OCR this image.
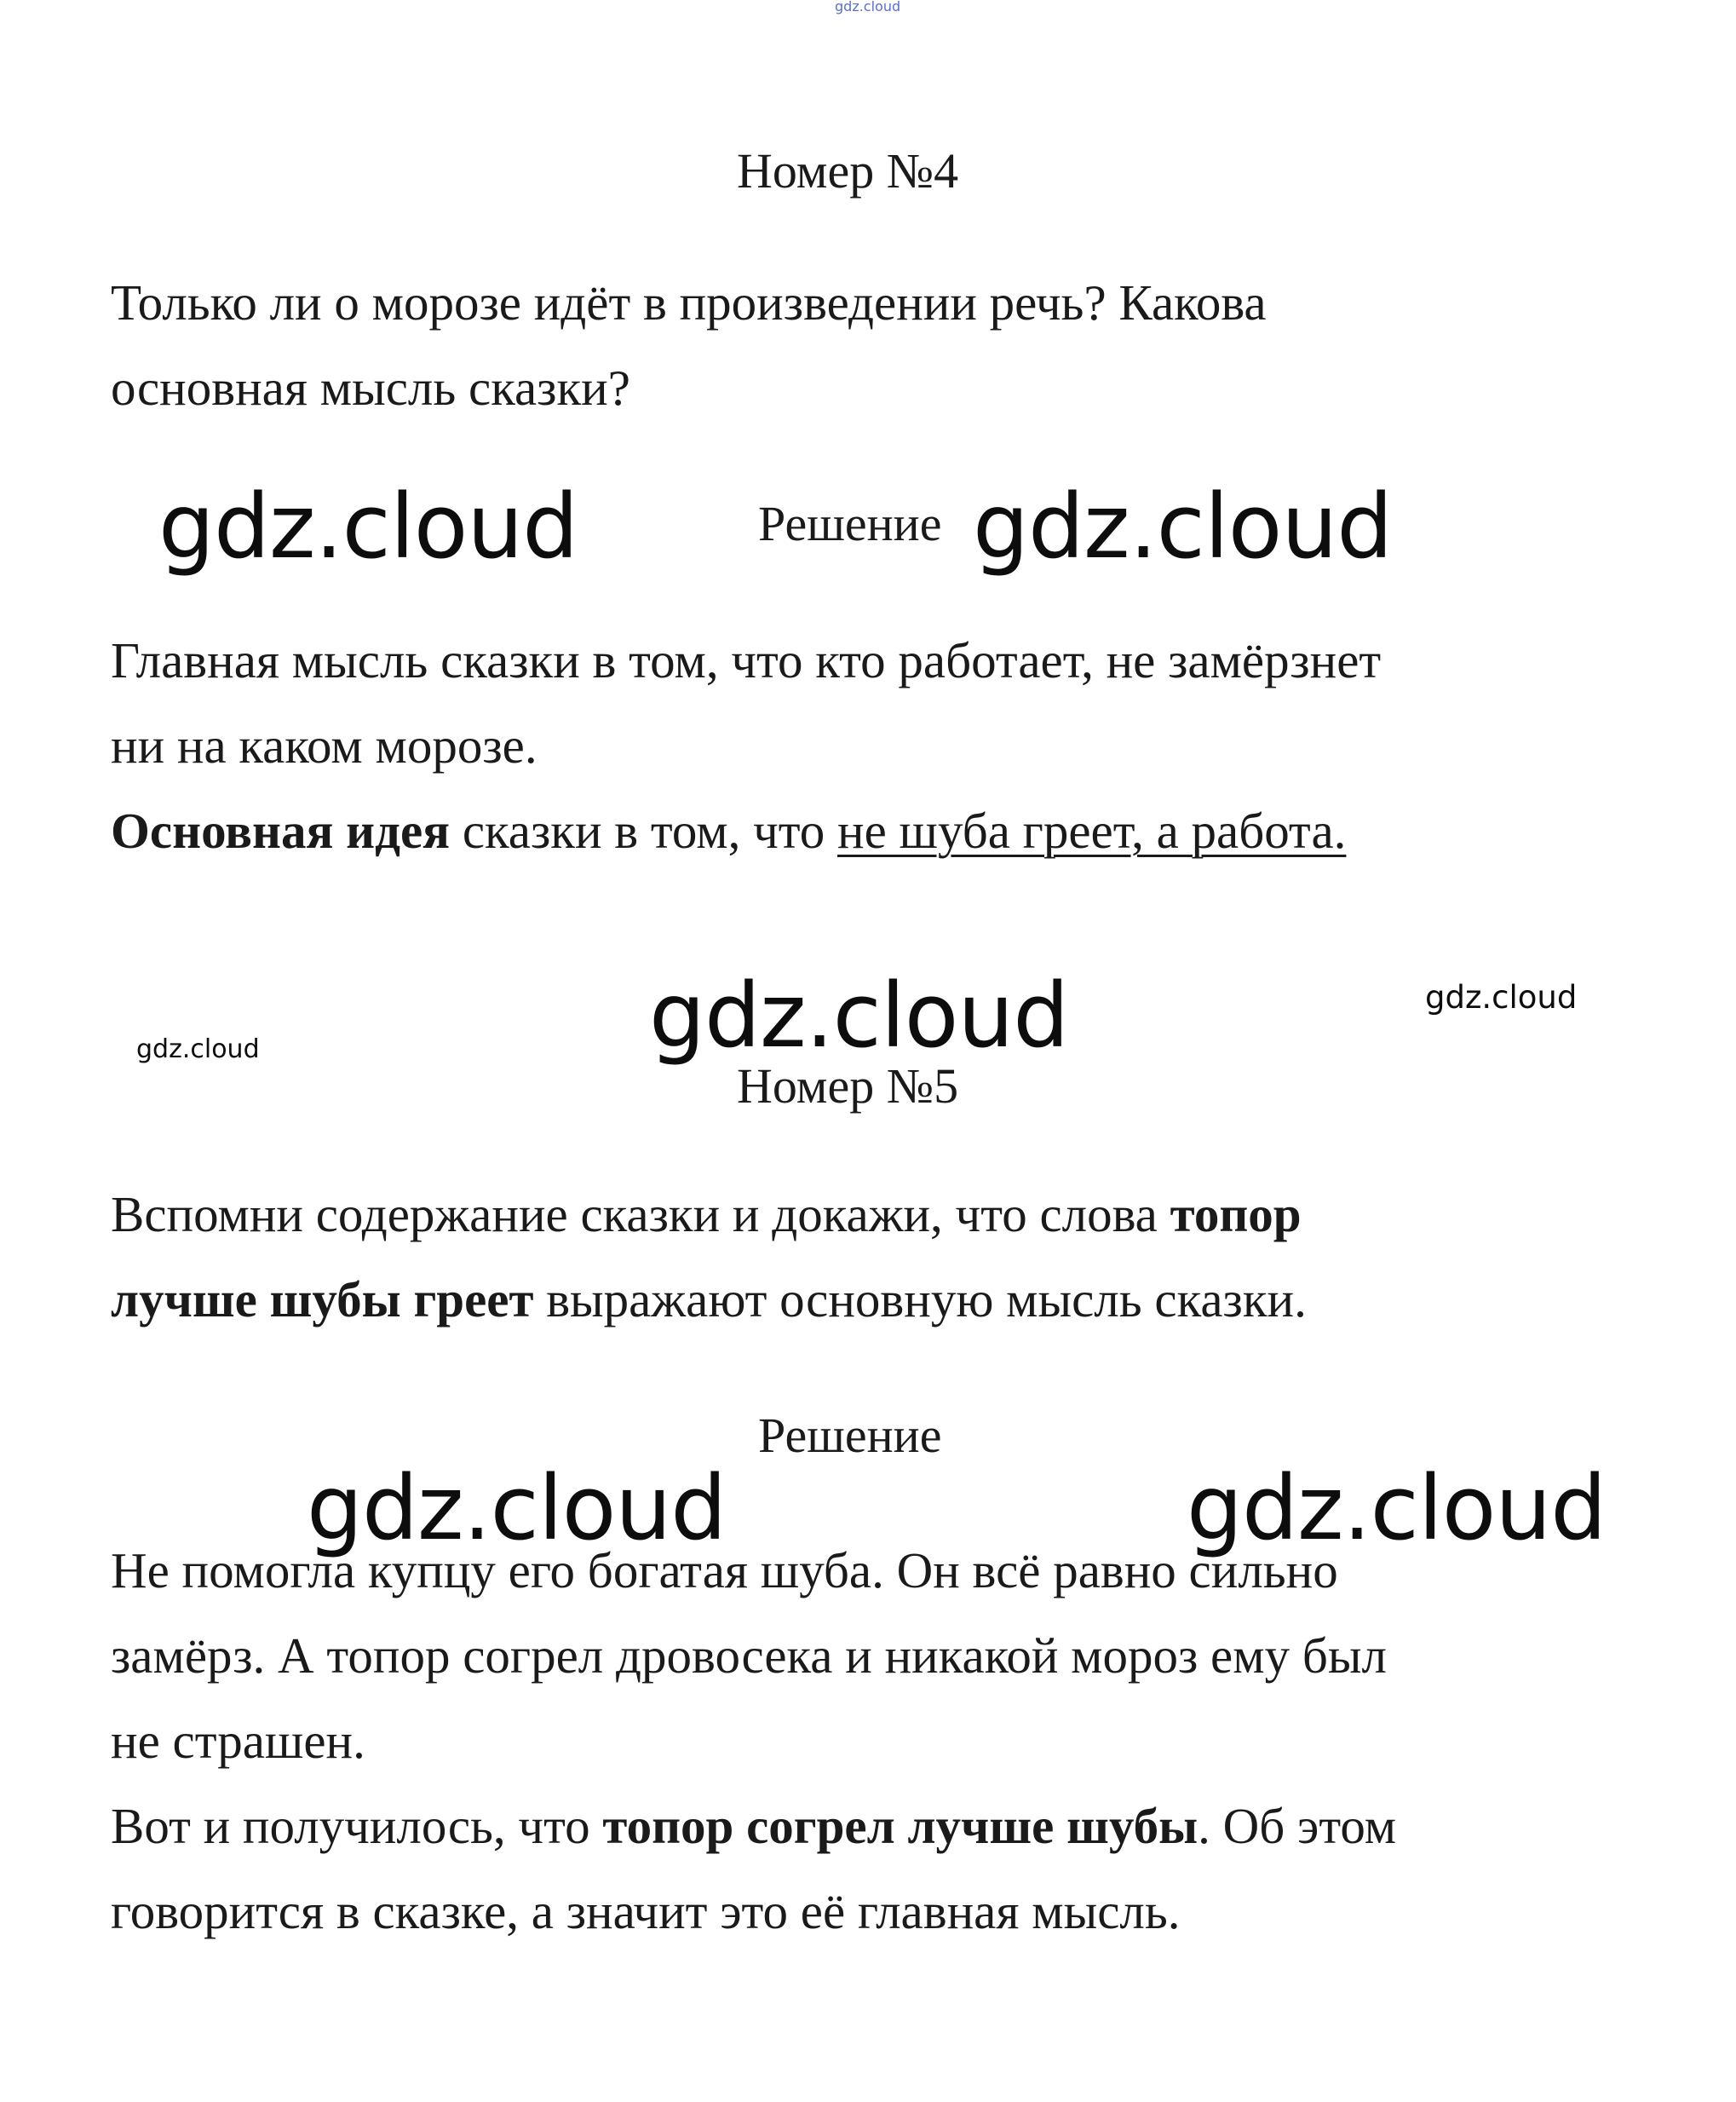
gdz.cloud
Номер №4
Только ли о морозе идёт в произведении речь? Какова
основная мысль сказки?
Решение
gdz.cloud	gdz.cloud
Главная мысль сказки в том, что кто работает, не замёрзнет
ни на каком морозе.
Основная идея сказки в том, что не шуба греет, а работа.
gdz.cloud	gdz.cloud
gdz.cloud
Номер №5
Вспомни содержание сказки и докажи, что слова топор
лучше шубы греет выражают основную мысль сказки.
Решение
gdz.cloud	gdz.cloud
Не помогла купцу его богатая шуба. Он всё равно сильно
замёрз. А топор согрел дровосека и никакой мороз ему был
не страшен.
Вот и получилось, что топор согрел лучше шубы. Об этом
говорится в сказке, а значит это её главная мысль.
